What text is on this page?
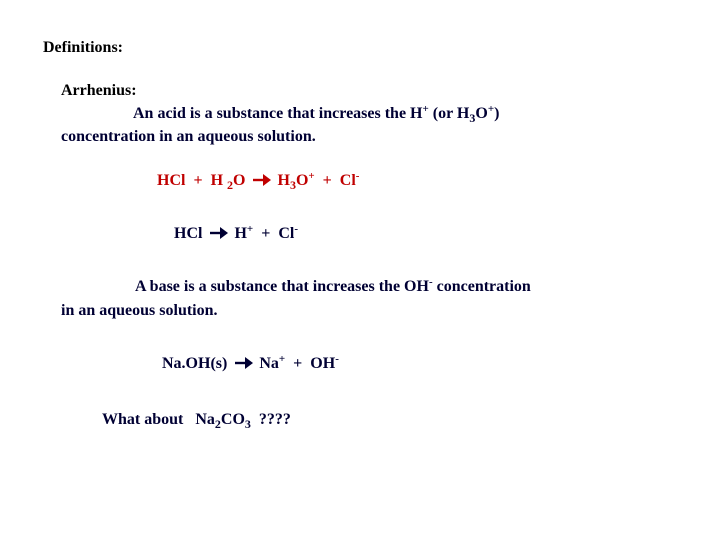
Definitions:
Arrhenius:
An acid is a substance that increases the H+ (or $H_3O^+$)
concentration in an aqueous solution.
HCl + H $_2$O $H_3O^+ + Cl^-$
HCl H+ + Cl-
A base is a substance that increases the OH- concentration
in an aqueous solution.
Na.OH(s) Na+ + OH-
What about $Na_2CO_3$ ????
